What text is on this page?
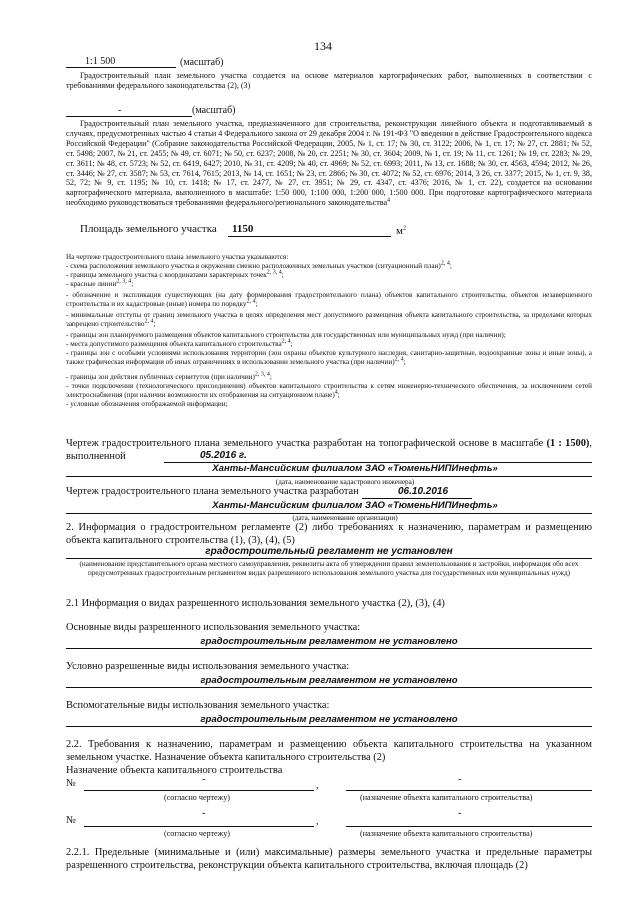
134
1:1 500	(масштаб)
Градостроительный план земельного участка создается на основе материалов картографических работ, выполненных в соответствии с требованиями федерального законодательства (2), (3)
-	(масштаб)
Градостроительный план земельного участка, предназначенного для строительства, реконструкции линейного объекта и подготавливаемый в случаях, предусмотренных частью 4 статьи 4 Федерального закона от 29 декабря 2004 г. № 191-ФЗ "О введении в действие Градостроительного кодекса Российской Федерации" (Собрание законодательства Российской Федерации, 2005, № 1, ст. 17; № 30, ст. 3122; 2006, № 1, ст. 17; № 27, ст. 2881; № 52, ст. 5498; 2007, № 21, ст. 2455; № 49, ст. 6071; № 50, ст. 6237; 2008, № 20, ст. 2251; № 30, ст. 3604; 2009, № 1, ст. 19; № 11, ст. 1261; № 19, ст. 2283; № 29, ст. 3611; № 48, ст. 5723; № 52, ст. 6419, 6427; 2010, № 31, ст. 4209; № 40, ст. 4969; № 52, ст. 6993; 2011, № 13, ст. 1688; № 30, ст. 4563, 4594; 2012, № 26, ст. 3446; № 27, ст. 3587; № 53, ст. 7614, 7615; 2013, № 14, ст. 1651; № 23, ст. 2866; № 30, ст. 4072; № 52, ст. 6976; 2014, 3 26, ст. 3377; 2015, № 1, ст. 9, 38, 52, 72; № 9, ст. 1195; № 10, ст. 1418; № 17, ст. 2477, № 27, ст. 3951; № 29, ст. 4347, ст. 4376; 2016, № 1, ст. 22), создается на основании картографического материала, выполненного в масштабе: 1:50 000, 1:100 000, 1:200 000, 1:500 000. При подготовке картографического материала необходимо руководствоваться требованиями федерального/регионального законодательства$^4$
Площадь земельного участка 1150	$м^2$
На чертеже градостроительного плана земельного участка указываются:
- схема расположения земельного участка в окружении смежно расположенных земельных участков (ситуационный план)$^{2, 4}$;
- границы земельного участка с координатами характерных точек$^{2, 3, 4}$;
- красные линии$^{2, 3, 4}$;
- обозначение и экспликация существующих (на дату формирования градостроительного плана) объектов капитального строительства, объектов незавершенного строительства и их кадастровые (иные) номера по порядку$^{2, 4}$;
- минимальные отступы от границ земельного участка в целях определения мест допустимого размещения объекта капитального строительства, за пределами которых запрещено строительство$^{2, 4}$;
- границы зон планируемого размещения объектов капитального строительства для государственных или муниципальных нужд (при наличии);
- места допустимого размещения объекта капитального строительства$^{2, 4}$;
- границы зон с особыми условиями использования территории (зон охраны объектов культурного наследия, санитарно-защитные, водоохранные зоны и иные зоны), а также графическая информация об иных ограничениях в использовании земельного участка (при наличии)$^{2, 4}$;
- границы зон действия публичных сервитутов (при наличии)$^{2, 3, 4}$;
- точки подключения (технологического присоединения) объектов капитального строительства к сетям инженерно-технического обеспечения, за исключением сетей электроснабжения (при наличии возможности их отображения на ситуационном плане)$^4$;
- условные обозначения отображаемой информации;
Чертеж градостроительного плана земельного участка разработан на топографической основе в масштабе (1 : 1500), выполненной	05.2016 г.
Ханты-Мансийским филиалом ЗАО «ТюменьНИПИнефть»
(дата, наименование кадастрового инженера)
Чертеж градостроительного плана земельного участка разработан	06.10.2016
Ханты-Мансийским филиалом ЗАО «ТюменьНИПИнефть»
(дата, наименование организации)
2. Информация о градостроительном регламенте (2) либо требованиях к назначению, параметрам и размещению объекта капитального строительства (1), (3), (4), (5)
градостроительный регламент не установлен
(наименование представительного органа местного самоуправления, реквизиты акта об утверждении правил землепользования и застройки, информация обо всех предусмотренных градостроительным регламентом видах разрешенного использования земельного участка для государственных или муниципальных нужд)
2.1 Информация о видах разрешенного использования земельного участка (2), (3), (4)
Основные виды разрешенного использования земельного участка:
градостроительным регламентом не установлено
Условно разрешенные виды использования земельного участка:
градостроительным регламентом не установлено
Вспомогательные виды использования земельного участка:
градостроительным регламентом не установлено
2.2. Требования к назначению, параметрам и размещению объекта капитального строительства на указанном земельном участке. Назначение объекта капитального строительства (2)
Назначение объекта капитального строительства
№	-
,
-
(согласно чертежу)	(назначение объекта капитального строительства)
№
-
,
-
(согласно чертежу)	(назначение объекта капитального строительства)
2.2.1. Предельные (минимальные и (или) максимальные) размеры земельного участка и предельные параметры разрешенного строительства, реконструкции объекта капитального строительства, включая площадь (2)
